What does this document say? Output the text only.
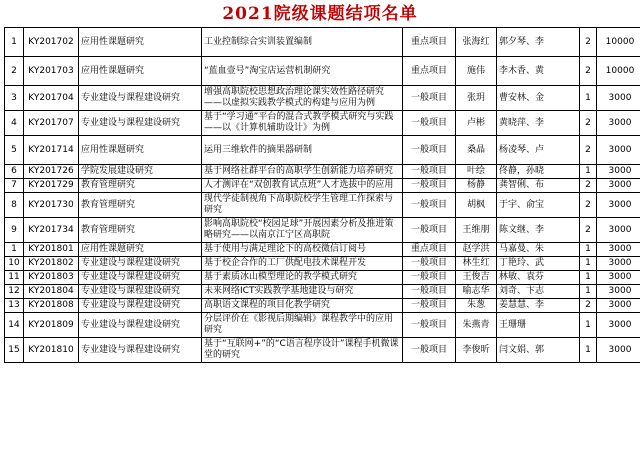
2021院级课题结项名单
1	KY201702	应用性课题研究	工业控制综合实训装置编制	重点项目	张海红	郭夕琴、李	2	10000
2	KY201703	应用性课题研究	“蓝血壹号”淘宝店运营机制研究	重点项目	施伟	李木香、黄	2	10000
3	KY201704	专业建设与课程建设研究	增强高职院校思想政治理论课实效性路径研究——以虚拟实践教学模式的构建与应用为例	一般项目	张玥	曹安林、金	1	3000
4	KY201707	专业建设与课程建设研究	基于“学习通”平台的混合式教学模式研究与实践——以《计算机辅助设计》为例	一般项目	卢彬	黄晓萍、李	2	3000
5	KY201714	应用性课题研究	运用三维软件的摘果器研制	一般项目	桑晶	杨凌琴、卢	2	3000
6	KY201726	学院发展建设研究	基于网络社群平台的高职学生创新能力培养研究	一般项目	叶绘	佟静，孙晓	1	3000
7	KY201729	教育管理研究	人才测评在“双创教育试点班”人才选拔中的应用	一般项目	杨静	龚智俐、布	2	3000
8	KY201730	教育管理研究	现代学徒制视角下高职院校学生管理工作探索与研究	一般项目	胡枫	于宇、俞宝	2	3000
9	KY201734	教育管理研究	影响高职院校“校园足球”开展因素分析及推进策略研究——以南京江宁区高职院	一般项目	王维朋	陈文继、李	2	3000
1	KY201801	应用性课题研究	基于使用与满足理论下的高校微信订阅号	重点项目	赵学洪	马嘉曼、朱	1	3000
10	KY201802	专业建设与课程建设研究	基于校企合作的工厂供配电技术课程开发	一般项目	林生红	丁艳玲、武	1	3000
11	KY201803	专业建设与课程建设研究	基于素质冰山模型理论的教学模式研究	一般项目	王俊吉	林敏、袁芬	1	3000
12	KY201804	专业建设与课程建设研究	未来网络ICT实践教学基地建设与研究	一般项目	喻志华	刘奇、卞志	1	3000
13	KY201808	专业建设与课程建设研究	高职语文课程的项目化教学研究	一般项目	朱葱	姜慧慧、李	2	3000
14	KY201809	专业建设与课程建设研究	分层评价在《影视后期编辑》课程教学中的应用研究	一般项目	朱燕青	王珊珊	1	3000
15	KY201810	专业建设与课程建设研究	基于“互联网+”的“C语言程序设计”课程手机微课堂的研究	一般项目	李俊昕	闫文娟、郭	1	3000
